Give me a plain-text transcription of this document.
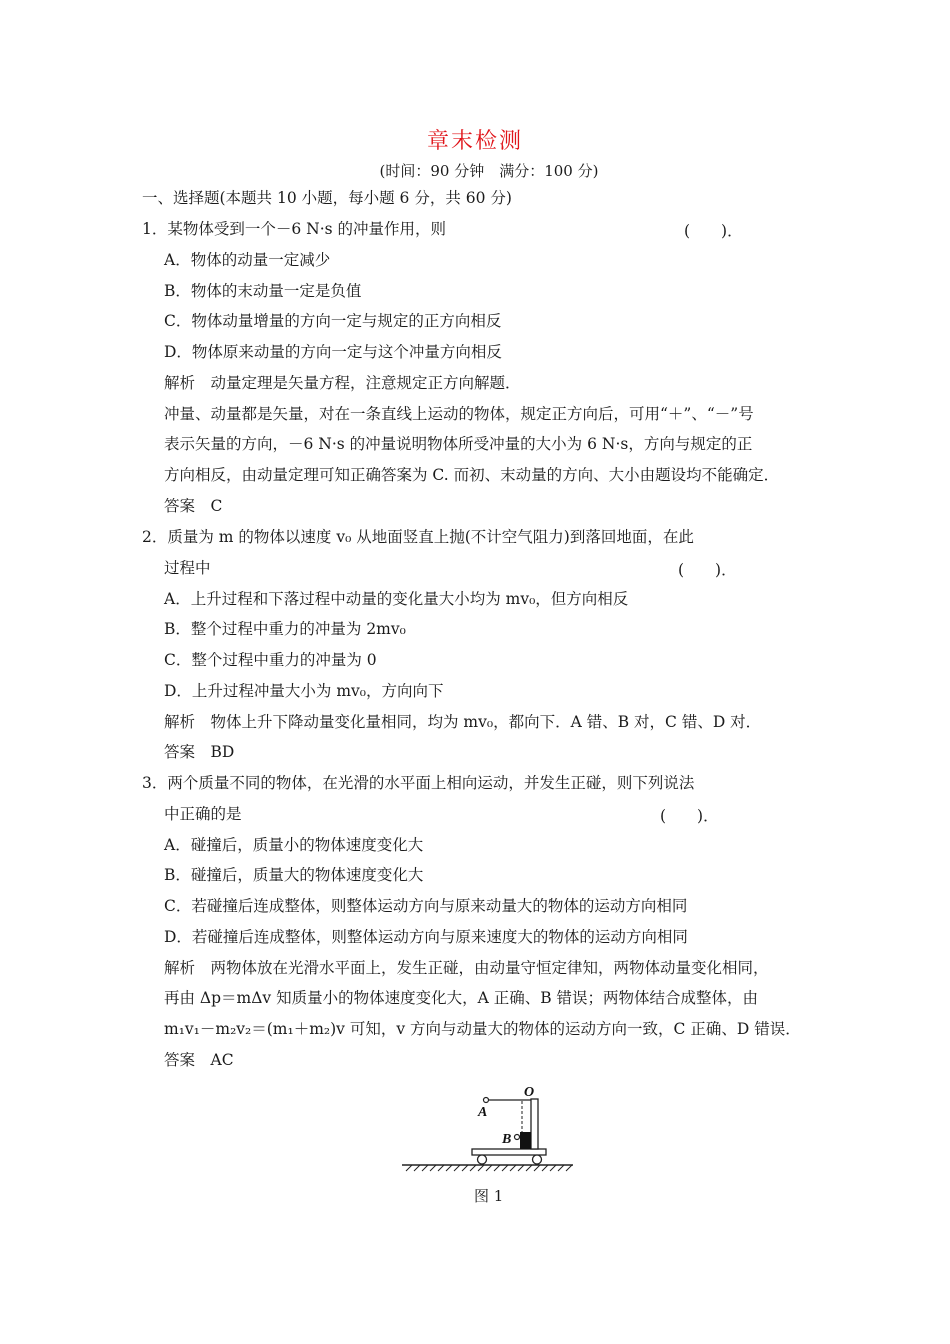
章末检测
(时间：90 分钟　满分：100 分)
一、选择题(本题共 10 小题，每小题 6 分，共 60 分)
1．某物体受到一个－6 N·s 的冲量作用，则	(　　)．
A．物体的动量一定减少
B．物体的末动量一定是负值
C．物体动量增量的方向一定与规定的正方向相反
D．物体原来动量的方向一定与这个冲量方向相反
解析　动量定理是矢量方程，注意规定正方向解题．
冲量、动量都是矢量，对在一条直线上运动的物体，规定正方向后，可用“＋”、“－”号
表示矢量的方向，－6 N·s 的冲量说明物体所受冲量的大小为 6 N·s，方向与规定的正
方向相反，由动量定理可知正确答案为 C. 而初、末动量的方向、大小由题设均不能确定．
答案　C
2．质量为 m 的物体以速度 v₀ 从地面竖直上抛(不计空气阻力)到落回地面，在此
过程中	(　　)．
A．上升过程和下落过程中动量的变化量大小均为 mv₀，但方向相反
B．整个过程中重力的冲量为 2mv₀
C．整个过程中重力的冲量为 0
D．上升过程冲量大小为 mv₀，方向向下
解析　物体上升下降动量变化量相同，均为 mv₀，都向下．A 错、B 对，C 错、D 对．
答案　BD
3．两个质量不同的物体，在光滑的水平面上相向运动，并发生正碰，则下列说法
中正确的是	(　　)．
A．碰撞后，质量小的物体速度变化大
B．碰撞后，质量大的物体速度变化大
C．若碰撞后连成整体，则整体运动方向与原来动量大的物体的运动方向相同
D．若碰撞后连成整体，则整体运动方向与原来速度大的物体的运动方向相同
解析　两物体放在光滑水平面上，发生正碰，由动量守恒定律知，两物体动量变化相同，
再由 Δp＝mΔv 知质量小的物体速度变化大，A 正确、B 错误；两物体结合成整体，由
m₁v₁－m₂v₂＝(m₁＋m₂)v 可知，v 方向与动量大的物体的运动方向一致，C 正确、D 错误．
答案　AC
O
A
B
图 1
